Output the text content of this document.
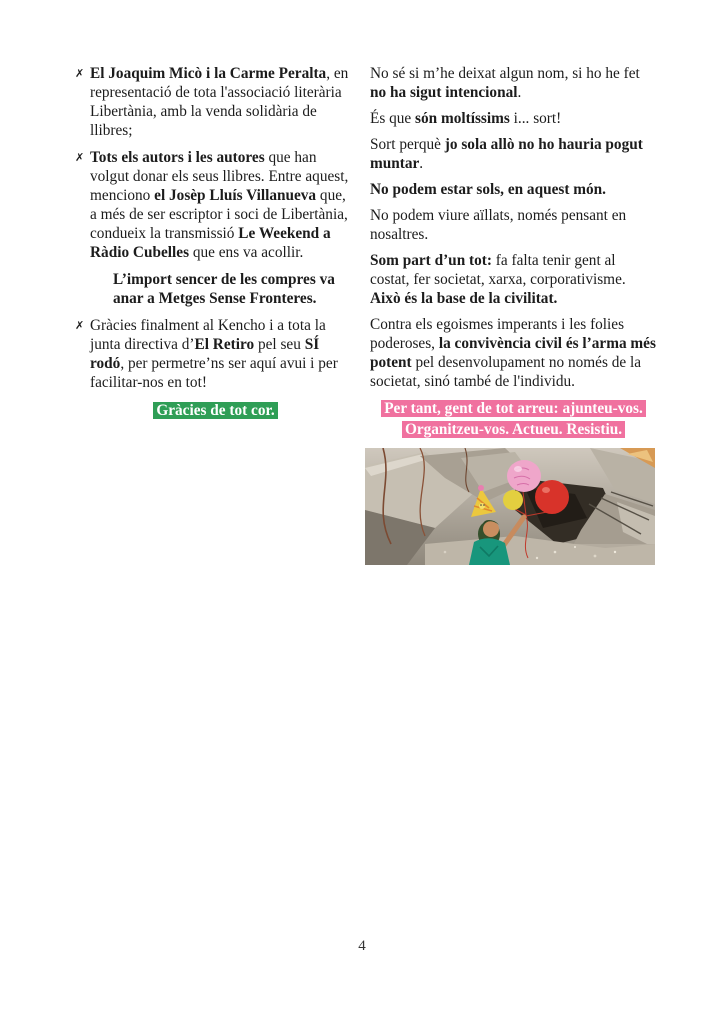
✗ El Joaquim Micò i la Carme Peralta, en representació de tota l'associació literària Libertània, amb la venda solidària de llibres;
✗ Tots els autors i les autores que han volgut donar els seus llibres. Entre aquest, menciono el Josèp Lluís Villanueva que, a més de ser escriptor i soci de Libertània, condueix la transmissió Le Weekend a Ràdio Cubelles que ens va acollir.
L’import sencer de les compres va anar a Metges Sense Fronteres.
✗ Gràcies finalment al Kencho i a tota la junta directiva d’El Retiro pel seu SÍ rodó, per permetre’ns ser aquí avui i per facilitar-nos en tot!
Gràcies de tot cor.

No sé si m’he deixat algun nom, si ho he fet no ha sigut intencional.

És que són moltíssims i... sort!

Sort perquè jo sola allò no ho hauria pogut muntar.

No podem estar sols, en aquest món.

No podem viure aïllats, només pensant en nosaltres.

Som part d’un tot: fa falta tenir gent al costat, fer societat, xarxa, corporativisme. Això és la base de la civilitat.

Contra els egoismes imperants i les folies poderoses, la convivència civil és l’arma més potent pel desenvolupament no només de la societat, sinó també de l'individu.

Per tant, gent de tot arreu: ajunteu-vos.
Organitzeu-vos. Actueu. Resistiu.
4
